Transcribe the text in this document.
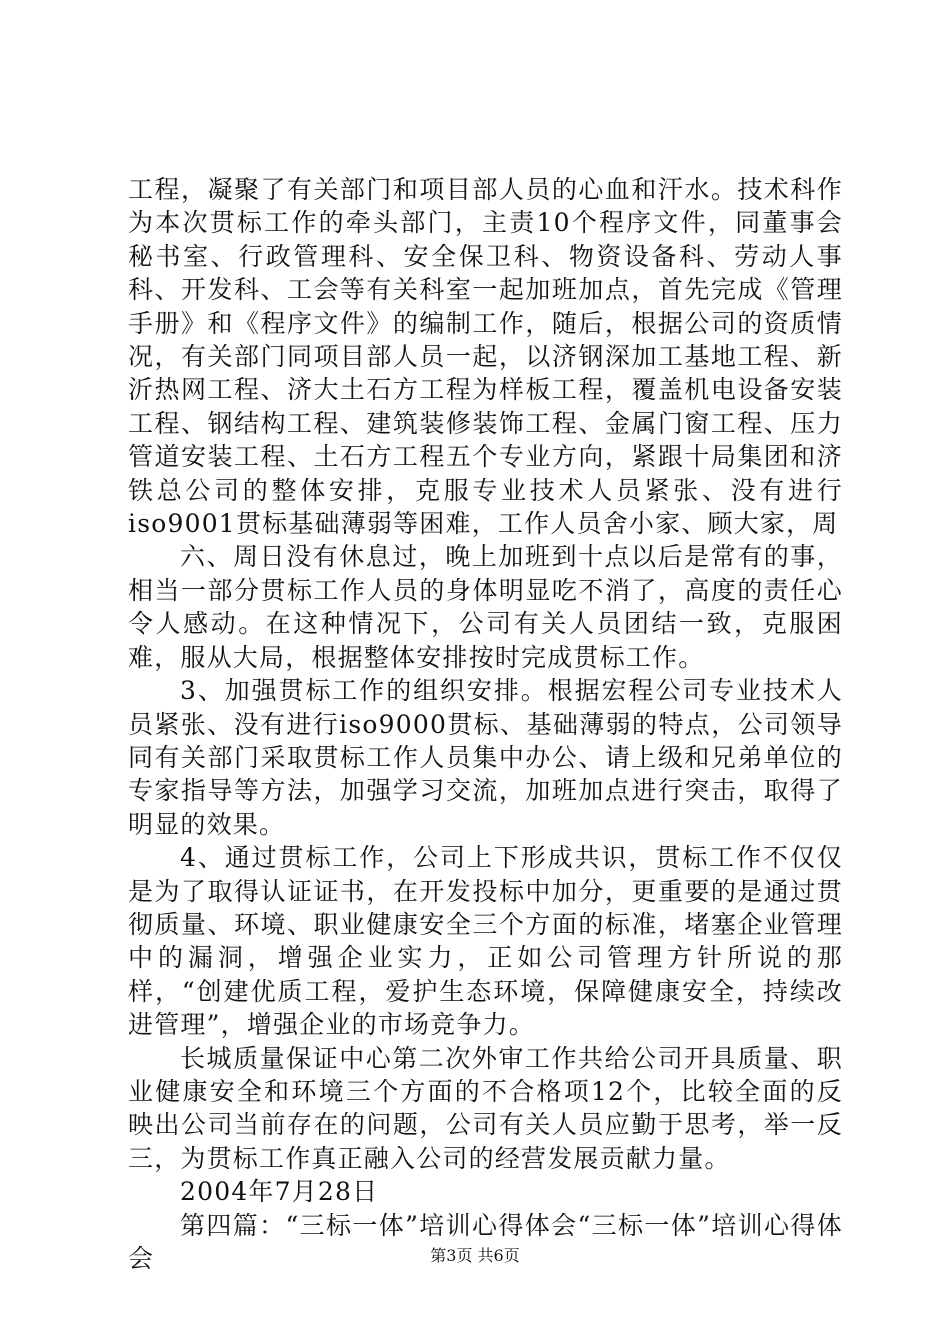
工程，凝聚了有关部门和项目部人员的心血和汗水。技术科作为本次贯标工作的牵头部门，主责10个程序文件，同董事会秘书室、行政管理科、安全保卫科、物资设备科、劳动人事科、开发科、工会等有关科室一起加班加点，首先完成《管理手册》和《程序文件》的编制工作，随后，根据公司的资质情况，有关部门同项目部人员一起，以济钢深加工基地工程、新沂热网工程、济大土石方工程为样板工程，覆盖机电设备安装工程、钢结构工程、建筑装修装饰工程、金属门窗工程、压力管道安装工程、土石方工程五个专业方向，紧跟十局集团和济铁总公司的整体安排，克服专业技术人员紧张、没有进行iso9001贯标基础薄弱等困难，工作人员舍小家、顾大家，周

六、周日没有休息过，晚上加班到十点以后是常有的事，相当一部分贯标工作人员的身体明显吃不消了，高度的责任心令人感动。在这种情况下，公司有关人员团结一致，克服困难，服从大局，根据整体安排按时完成贯标工作。

3、加强贯标工作的组织安排。根据宏程公司专业技术人员紧张、没有进行iso9000贯标、基础薄弱的特点，公司领导同有关部门采取贯标工作人员集中办公、请上级和兄弟单位的专家指导等方法，加强学习交流，加班加点进行突击，取得了明显的效果。

4、通过贯标工作，公司上下形成共识，贯标工作不仅仅是为了取得认证证书，在开发投标中加分，更重要的是通过贯彻质量、环境、职业健康安全三个方面的标准，堵塞企业管理中的漏洞，增强企业实力，正如公司管理方针所说的那样，“创建优质工程，爱护生态环境，保障健康安全，持续改进管理”，增强企业的市场竞争力。

长城质量保证中心第二次外审工作共给公司开具质量、职业健康安全和环境三个方面的不合格项12个，比较全面的反映出公司当前存在的问题，公司有关人员应勤于思考，举一反三，为贯标工作真正融入公司的经营发展贡献力量。

2004年7月28日

第四篇：“三标一体”培训心得体会“三标一体”培训心得体会	第3页 共6页
